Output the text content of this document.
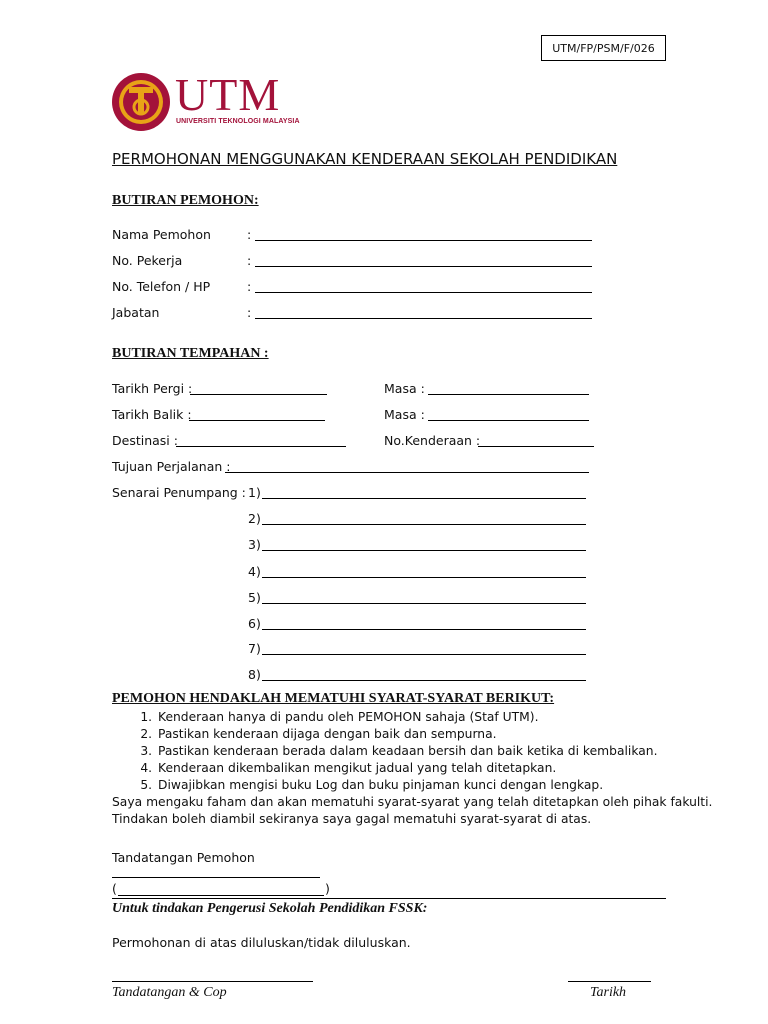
UTM/FP/PSM/F/026
UTM
UNIVERSITI TEKNOLOGI MALAYSIA
PERMOHONAN MENGGUNAKAN KENDERAAN SEKOLAH PENDIDIKAN
BUTIRAN PEMOHON:
Nama Pemohon	:
No. Pekerja	:
No. Telefon / HP	:
Jabatan	:
BUTIRAN TEMPAHAN :
Tarikh Pergi :	Masa :
Tarikh Balik :	Masa :
Destinasi :	No.Kenderaan :
Tujuan Perjalanan :
Senarai Penumpang : 1)
2)
3)
4)
5)
6)
7)
8)
PEMOHON HENDAKLAH MEMATUHI SYARAT-SYARAT BERIKUT:
1. Kenderaan hanya di pandu oleh PEMOHON sahaja (Staf UTM).
2. Pastikan kenderaan dijaga dengan baik dan sempurna.
3. Pastikan kenderaan berada dalam keadaan bersih dan baik ketika di kembalikan.
4. Kenderaan dikembalikan mengikut jadual yang telah ditetapkan.
5. Diwajibkan mengisi buku Log dan buku pinjaman kunci dengan lengkap.
Saya mengaku faham dan akan mematuhi syarat-syarat yang telah ditetapkan oleh pihak fakulti.
Tindakan boleh diambil sekiranya saya gagal mematuhi syarat-syarat di atas.
Tandatangan Pemohon
(	)
Untuk tindakan Pengerusi Sekolah Pendidikan FSSK:
Permohonan di atas diluluskan/tidak diluluskan.
Tandatangan & Cop	Tarikh
